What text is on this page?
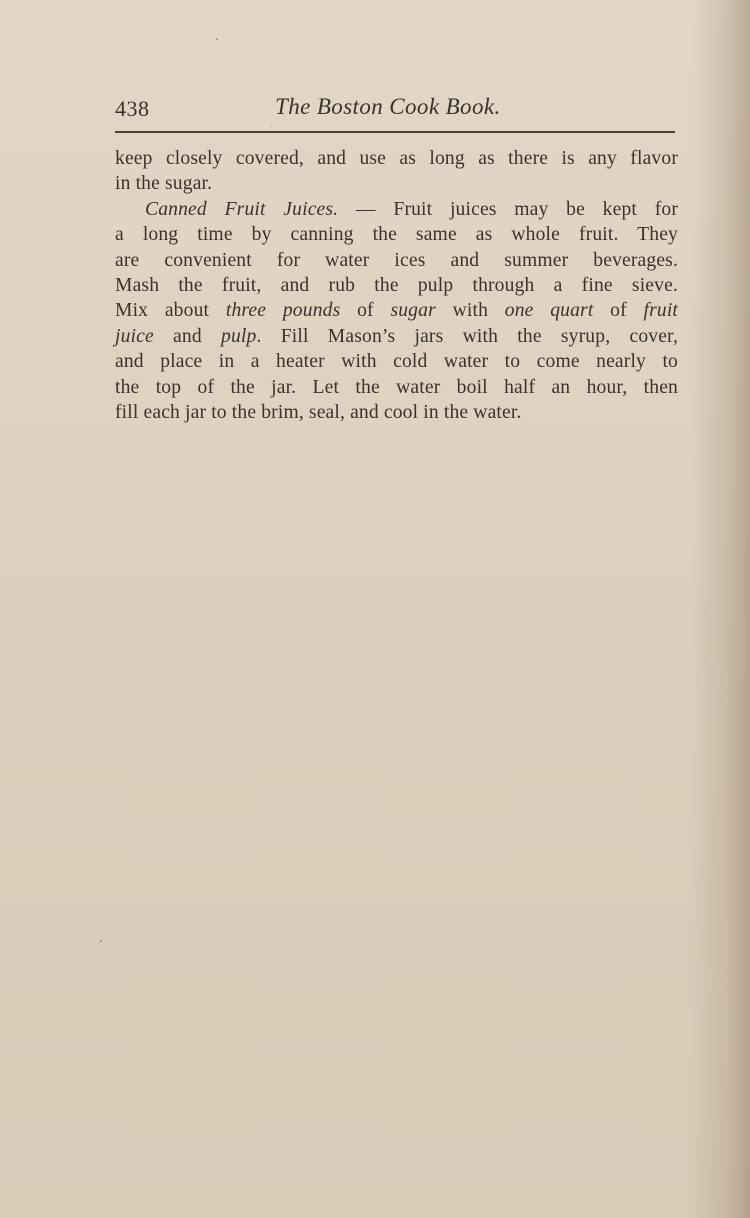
438	The Boston Cook Book.
keep closely covered, and use as long as there is any flavor
in the sugar.
Canned Fruit Juices. — Fruit juices may be kept for
a long time by canning the same as whole fruit. They
are convenient for water ices and summer beverages.
Mash the fruit, and rub the pulp through a fine sieve.
Mix about three pounds of sugar with one quart of fruit
juice and pulp. Fill Mason’s jars with the syrup, cover,
and place in a heater with cold water to come nearly to
the top of the jar. Let the water boil half an hour, then
fill each jar to the brim, seal, and cool in the water.
